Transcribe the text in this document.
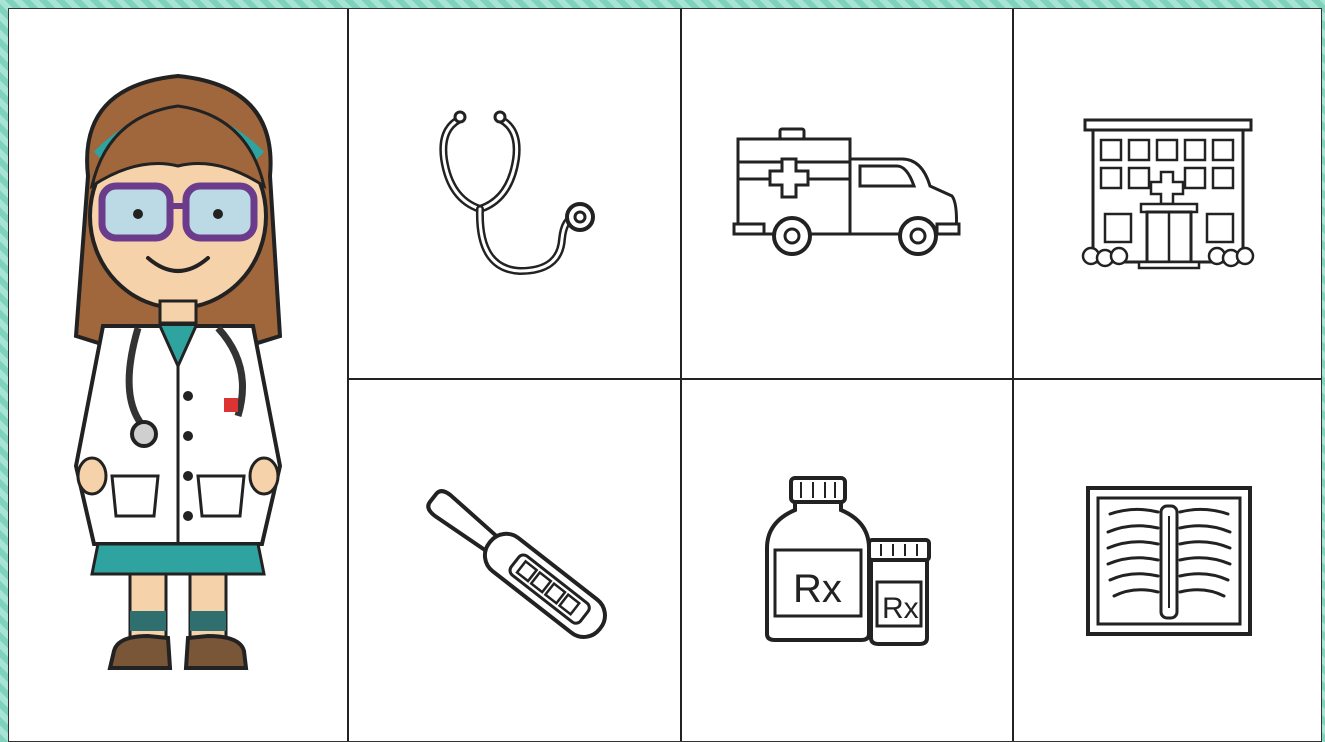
Rx Rx
